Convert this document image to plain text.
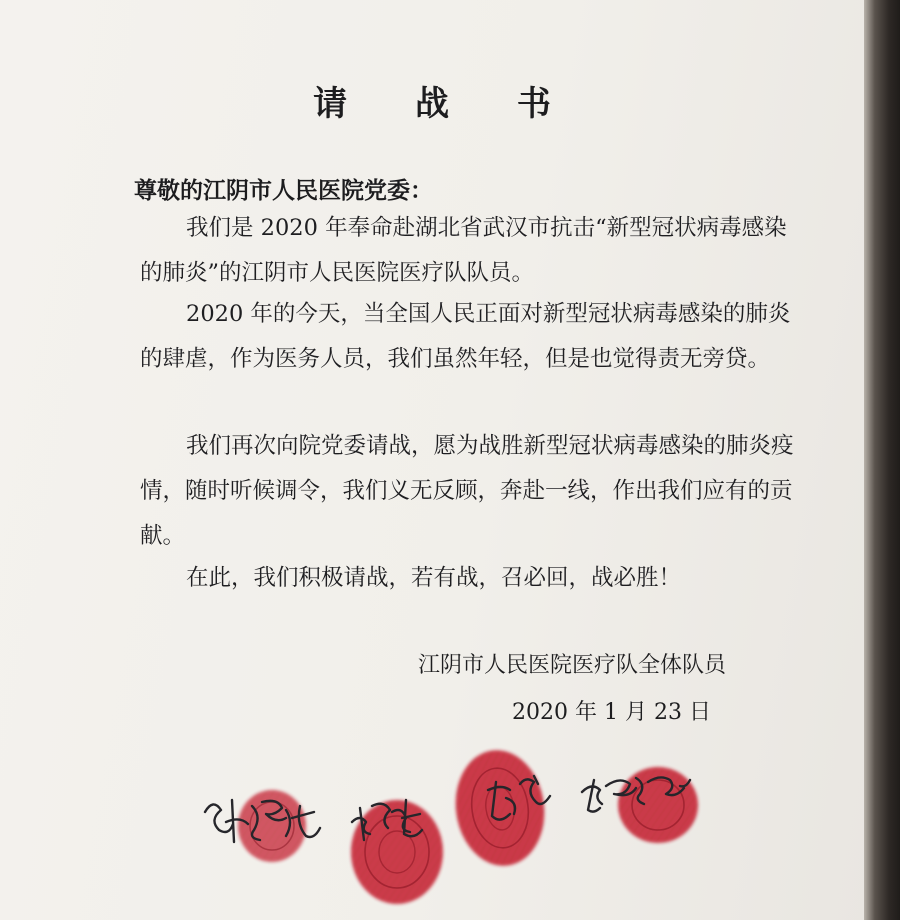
请 战 书
尊敬的江阴市人民医院党委：

我们是 2020 年奉命赴湖北省武汉市抗击“新型冠状病毒感染的肺炎”的江阴市人民医院医疗队队员。

2020 年的今天，当全国人民正面对新型冠状病毒感染的肺炎的肆虐，作为医务人员，我们虽然年轻，但是也觉得责无旁贷。

我们再次向院党委请战，愿为战胜新型冠状病毒感染的肺炎疫情，随时听候调令，我们义无反顾，奔赴一线，作出我们应有的贡献。

在此，我们积极请战，若有战，召必回，战必胜！

江阴市人民医院医疗队全体队员
2020 年 1 月 23 日
